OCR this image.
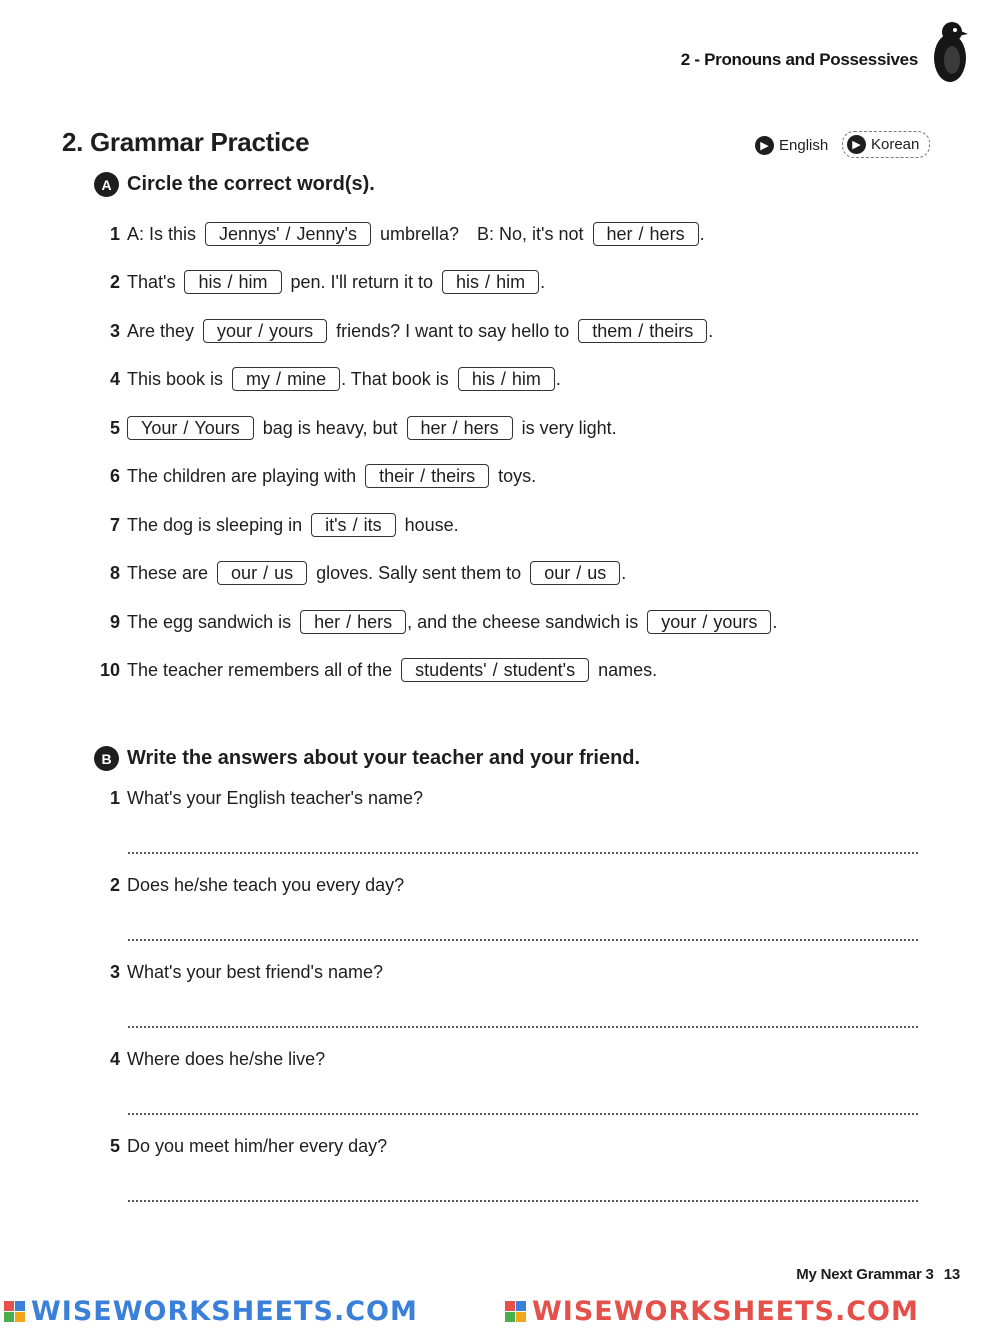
2 - Pronouns and Possessives
2. Grammar Practice	▶ English	▶ Korean
A Circle the correct word(s).
1 A: Is this Jennys' / Jenny's umbrella? B: No, it's not her / hers .
2 That's his / him pen. I'll return it to his / him .
3 Are they your / yours friends? I want to say hello to them / theirs .
4 This book is my / mine . That book is his / him .
5 Your / Yours bag is heavy, but her / hers is very light.
6 The children are playing with their / theirs toys.
7 The dog is sleeping in it's / its house.
8 These are our / us gloves. Sally sent them to our / us .
9 The egg sandwich is her / hers , and the cheese sandwich is your / yours .
10 The teacher remembers all of the students' / student's names.
B Write the answers about your teacher and your friend.
1 What's your English teacher's name?
2 Does he/she teach you every day?
3 What's your best friend's name?
4 Where does he/she live?
5 Do you meet him/her every day?
My Next Grammar 3 13
WISEWORKSHEETS.COM	WISEWORKSHEETS.COM
